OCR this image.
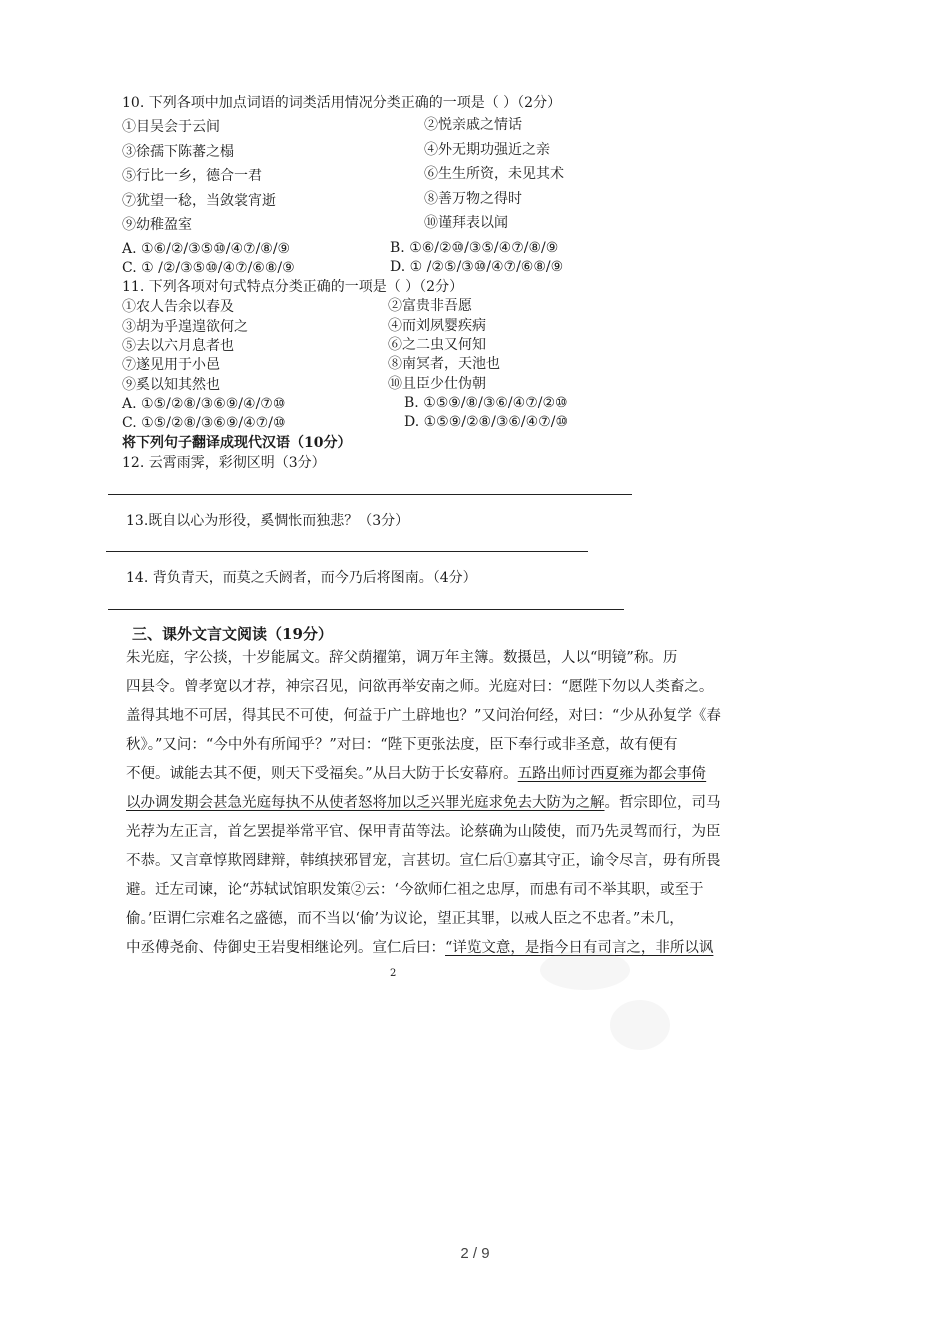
10. 下列各项中加点词语的词类活用情况分类正确的一项是（ ）（2分）
①目吴会于云间	②悦亲戚之情话
③徐孺下陈蕃之榻	④外无期功强近之亲
⑤行比一乡，德合一君	⑥生生所资，未见其术
⑦犹望一稔，当敛裳宵逝	⑧善万物之得时
⑨幼稚盈室	⑩谨拜表以闻
A. ①⑥/②/③⑤⑩/④⑦/⑧/⑨	B. ①⑥/②⑩/③⑤/④⑦/⑧/⑨
C. ① /②/③⑤⑩/④⑦/⑥⑧/⑨	D. ① /②⑤/③⑩/④⑦/⑥⑧/⑨
11. 下列各项对句式特点分类正确的一项是（ ）（2分）
①农人告余以春及	②富贵非吾愿
③胡为乎遑遑欲何之	④而刘夙婴疾病
⑤去以六月息者也	⑥之二虫又何知
⑦遂见用于小邑	⑧南冥者，天池也
⑨奚以知其然也	⑩且臣少仕伪朝
A. ①⑤/②⑧/③⑥⑨/④/⑦⑩	B. ①⑤⑨/⑧/③⑥/④⑦/②⑩
C. ①⑤/②⑧/③⑥⑨/④⑦/⑩	D. ①⑤⑨/②⑧/③⑥/④⑦/⑩
将下列句子翻译成现代汉语（10分）
12. 云霄雨霁，彩彻区明（3分）
13.既自以心为形役，奚惆怅而独悲？（3分）
14. 背负青天，而莫之夭阏者，而今乃后将图南。（4分）
三、课外文言文阅读（19分）
朱光庭，字公掞，十岁能属文。辞父荫擢第，调万年主簿。数摄邑，人以“明镜”称。历
四县令。曾孝宽以才荐，神宗召见，问欲再举安南之师。光庭对曰：“愿陛下勿以人类畜之。
盖得其地不可居，得其民不可使，何益于广土辟地也？”又问治何经，对曰：“少从孙复学《春
秋》。”又问：“今中外有所闻乎？”对曰：“陛下更张法度，臣下奉行或非圣意，故有便有
不便。诚能去其不便，则天下受福矣。”从吕大防于长安幕府。五路出师讨西夏雍为都会事倚
以办调发期会甚急光庭每执不从使者怒将加以乏兴罪光庭求免去大防为之解。哲宗即位，司马
光荐为左正言，首乞罢提举常平官、保甲青苗等法。论蔡确为山陵使，而乃先灵驾而行，为臣
不恭。又言章惇欺罔肆辩，韩缜挟邪冒宠，言甚切。宣仁后①嘉其守正，谕令尽言，毋有所畏
避。迁左司谏，论“苏轼试馆职发策②云：‘今欲师仁祖之忠厚，而患有司不举其职，或至于
偷。’臣谓仁宗难名之盛德，而不当以‘偷’为议论，望正其罪，以戒人臣之不忠者。”未几，
中丞傅尧俞、侍御史王岩叟相继论列。宣仁后曰：“详览文意，是指今日有司言之，非所以讽
2
2 / 9
